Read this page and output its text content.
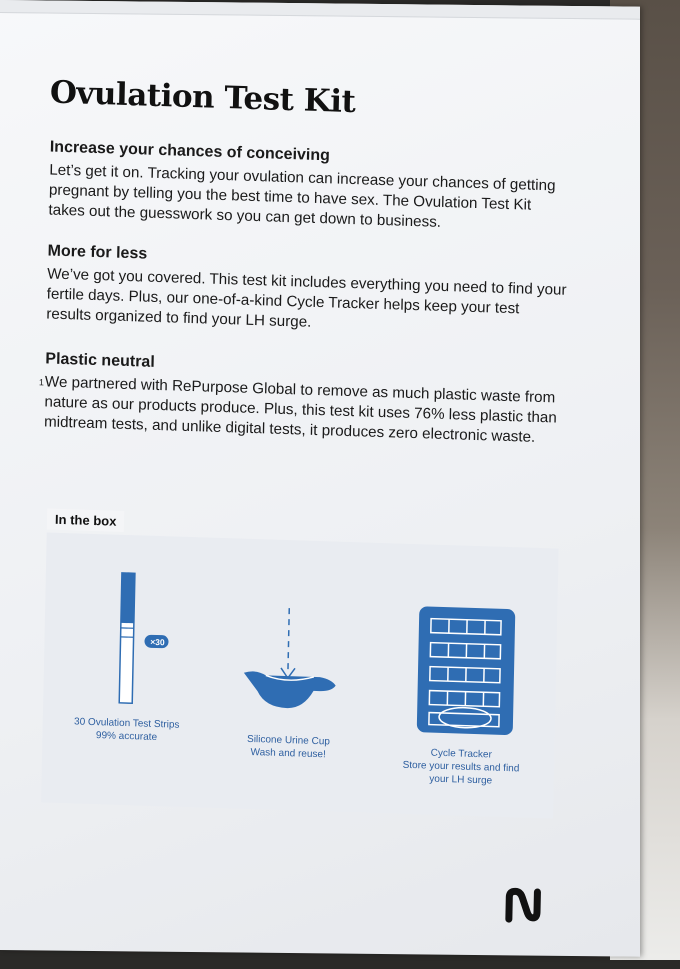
Ovulation Test Kit
Increase your chances of conceiving

Let’s get it on. Tracking your ovulation can increase your chances of getting pregnant by telling you the best time to have sex. The Ovulation Test Kit takes out the guesswork so you can get down to business.

More for less

We’ve got you covered. This test kit includes everything you need to find your fertile days. Plus, our one-of-a-kind Cycle Tracker helps keep your test results organized to find your LH surge.

Plastic neutral
1 We partnered with RePurpose Global to remove as much plastic waste from nature as our products produce. Plus, this test kit uses 76% less plastic than midtream tests, and unlike digital tests, it produces zero electronic waste.

In the box
×30
30 Ovulation Test Strips
99% accurate	Silicone Urine Cup
Wash and reuse!	Cycle Tracker
Store your results and find your LH surge
